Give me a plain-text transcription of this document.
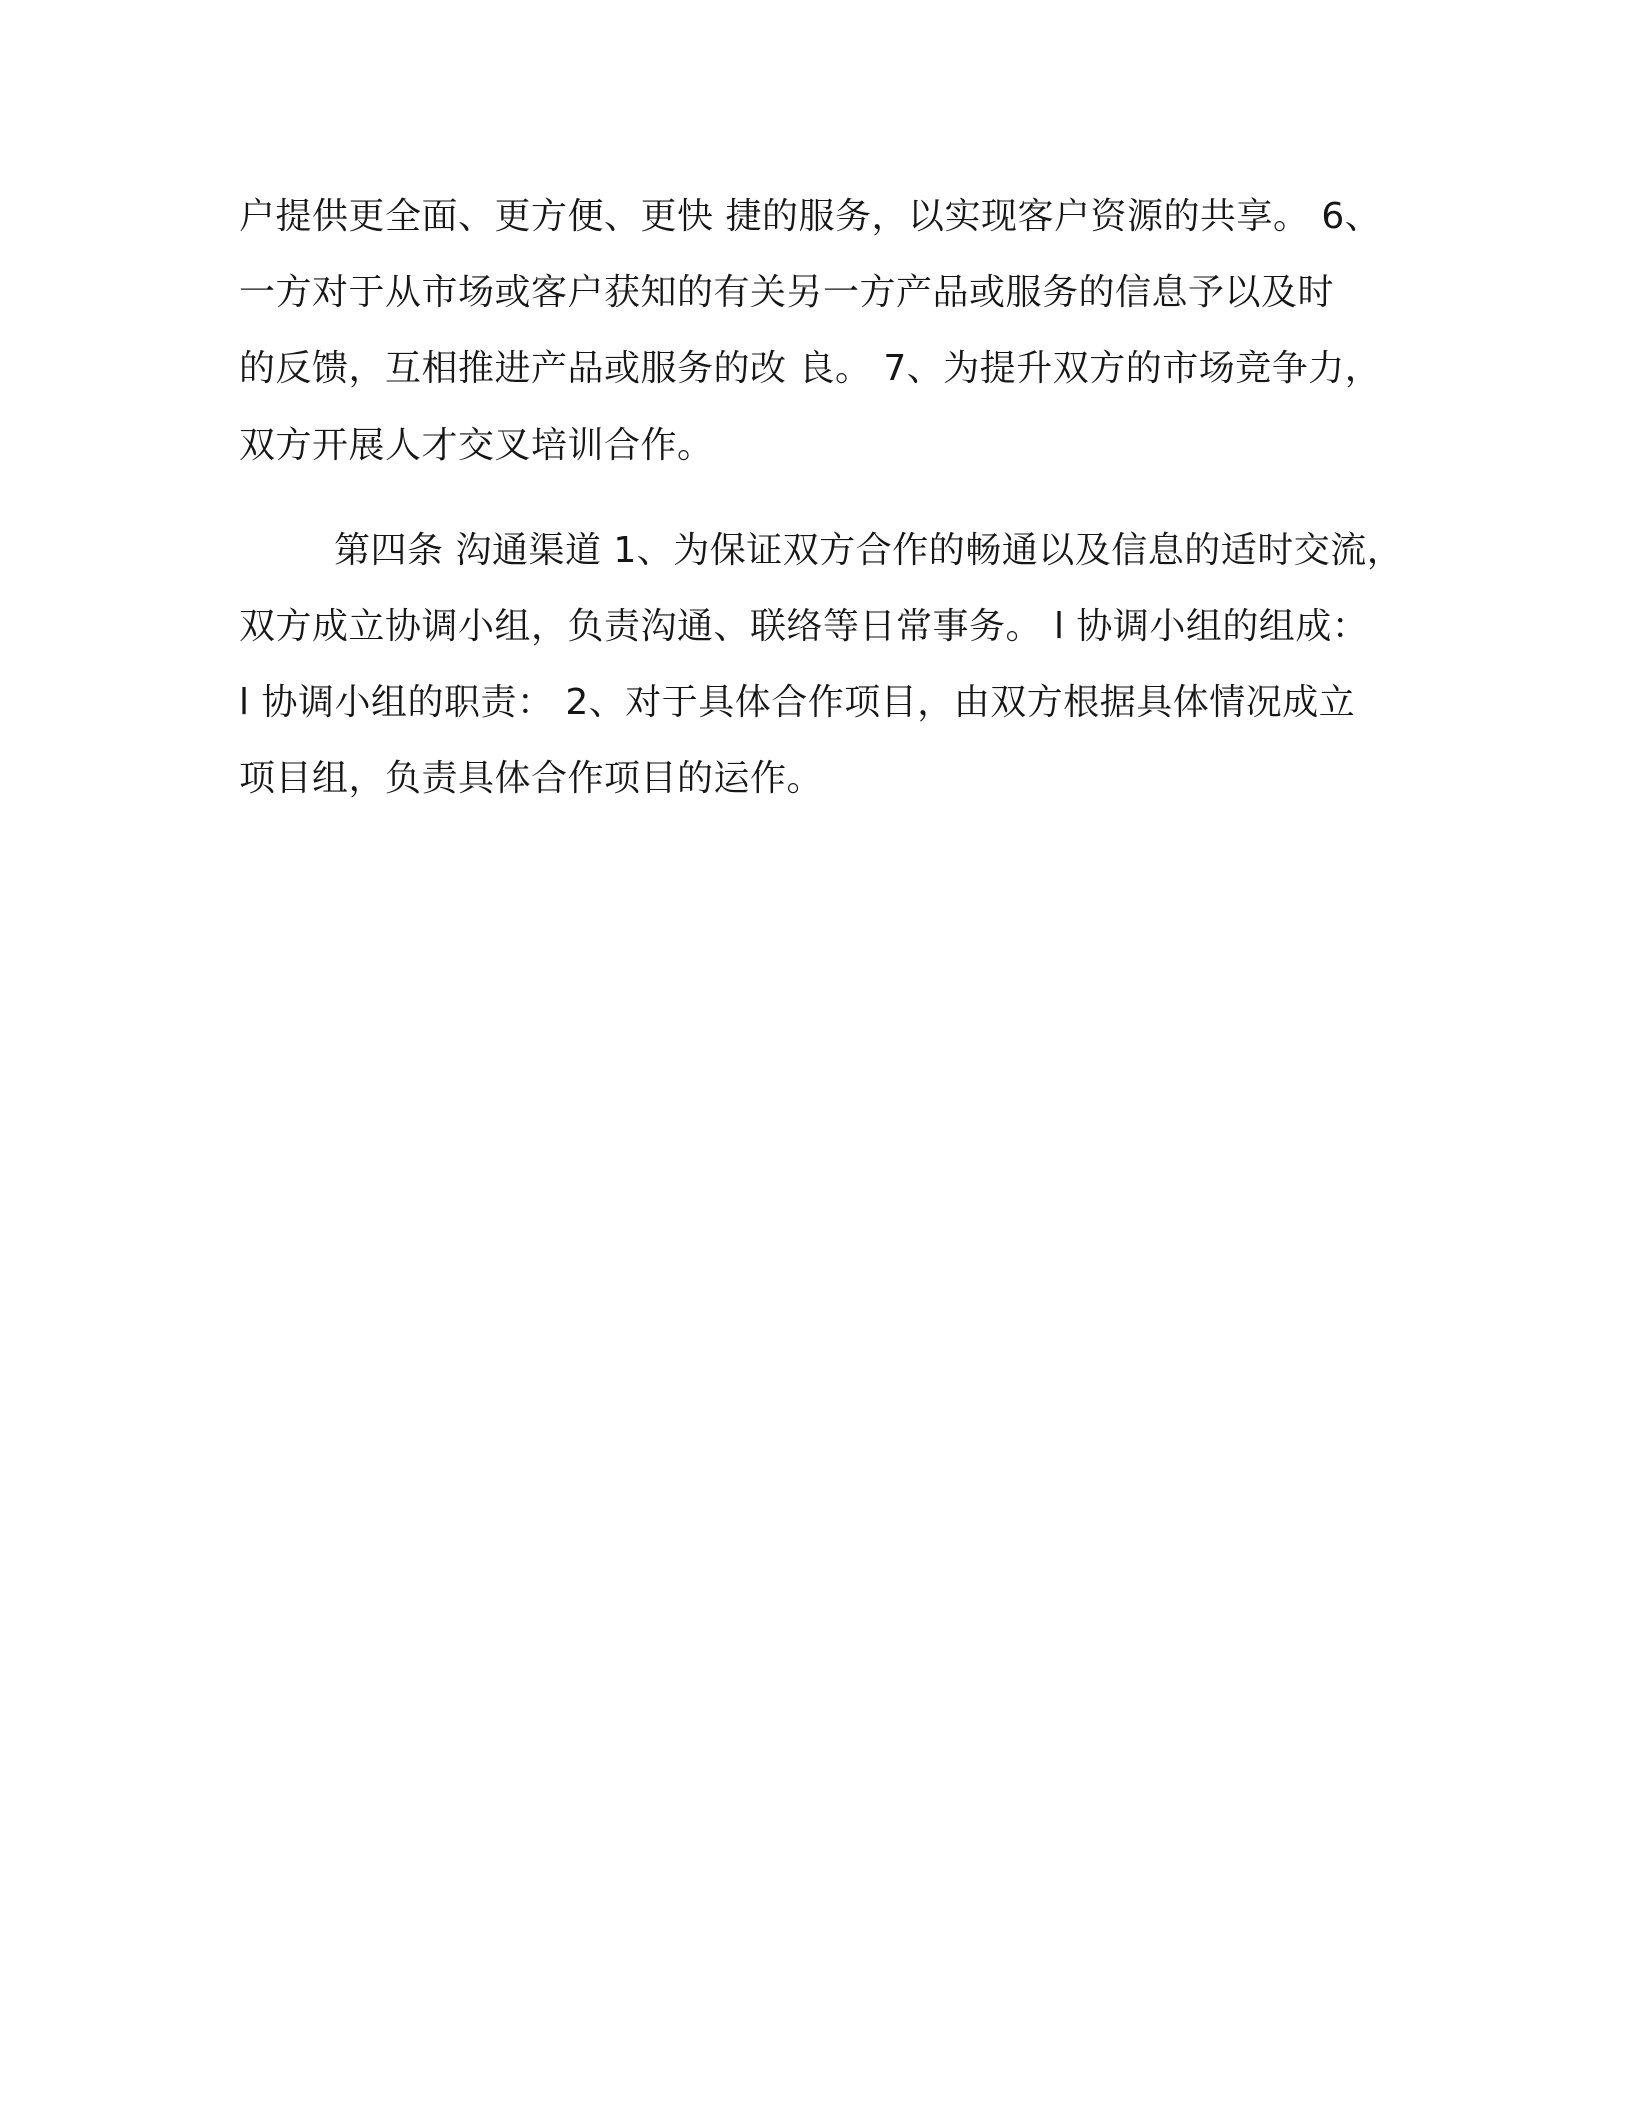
户提供更全面、更方便、更快 捷的服务，以实现客户资源的共享。 6、

一方对于从市场或客户获知的有关另一方产品或服务的信息予以及时

的反馈，互相推进产品或服务的改 良。 7、为提升双方的市场竞争力，

双方开展人才交叉培训合作。

第四条 沟通渠道 1、为保证双方合作的畅通以及信息的适时交流，

双方成立协调小组，负责沟通、联络等日常事务。 l 协调小组的组成：

l 协调小组的职责： 2、对于具体合作项目，由双方根据具体情况成立

项目组，负责具体合作项目的运作。
